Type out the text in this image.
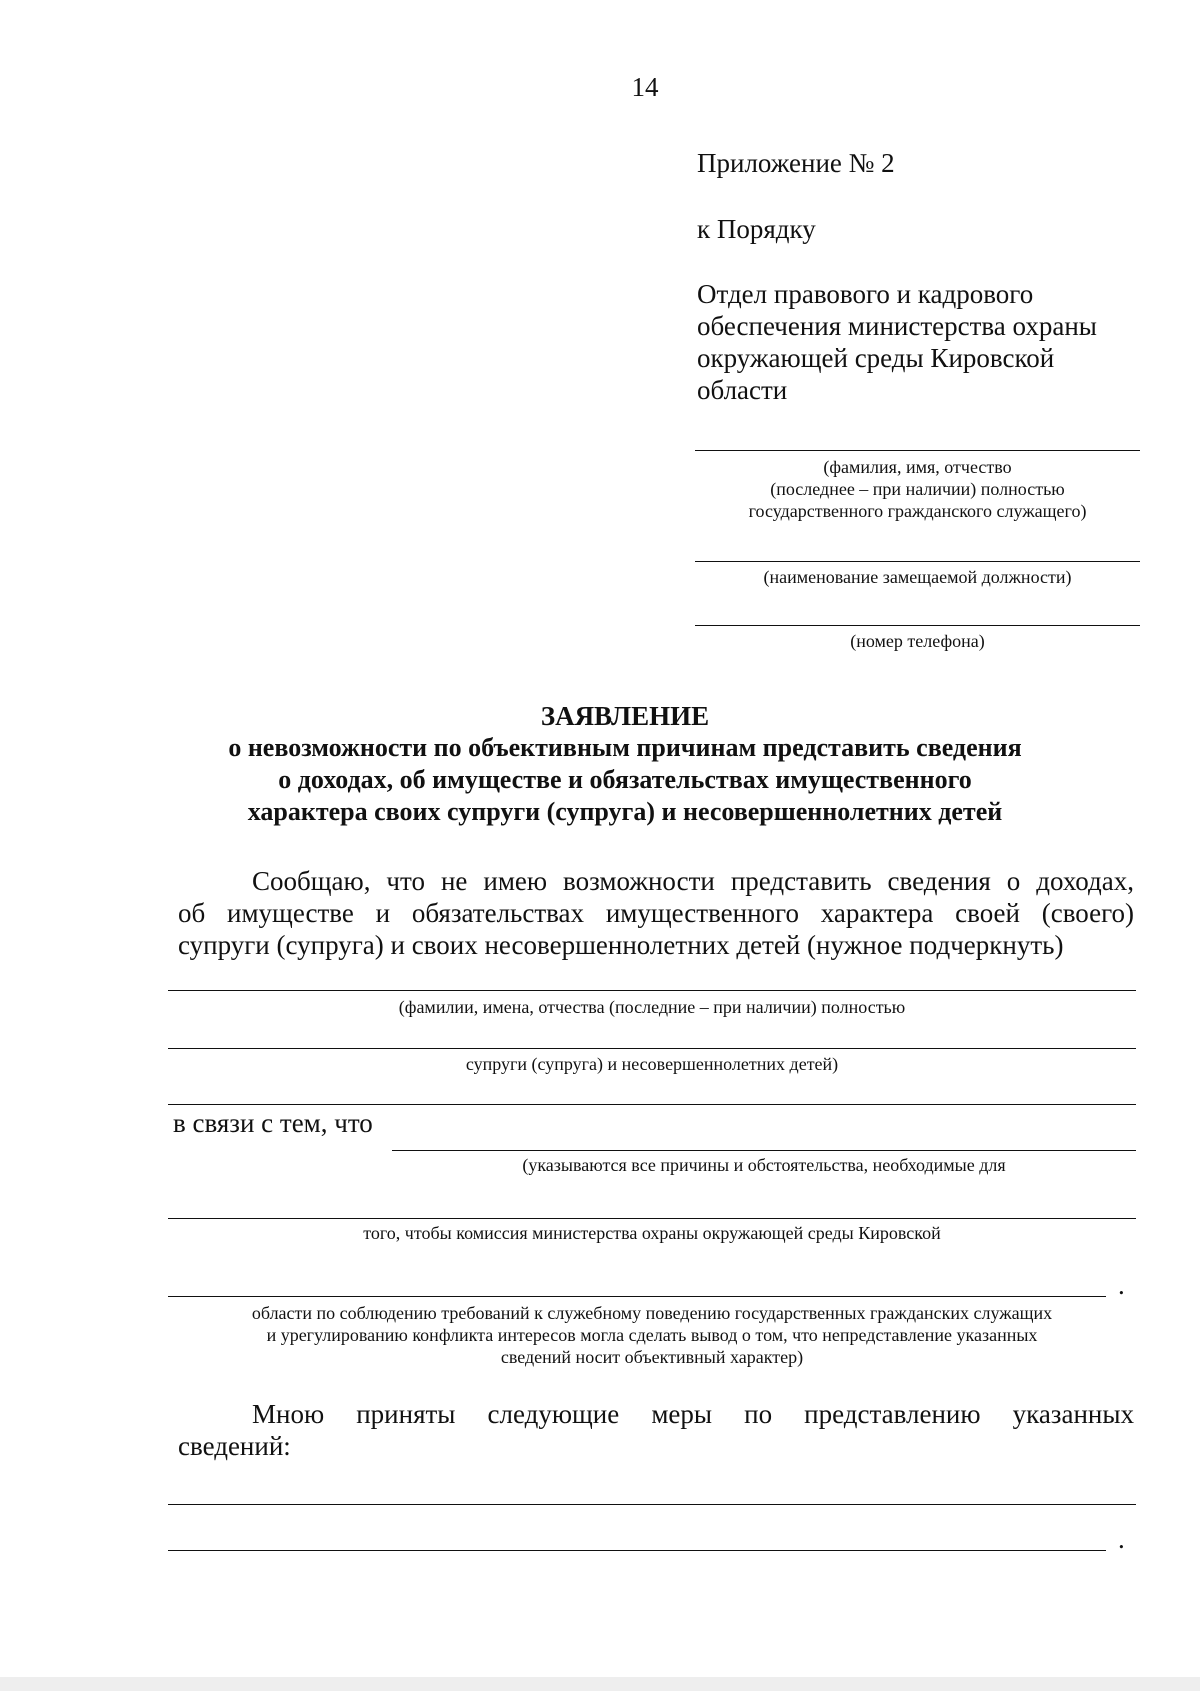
14
Приложение № 2
к Порядку
Отдел правового и кадрового
обеспечения министерства охраны
окружающей среды Кировской
области
(фамилия, имя, отчество
(последнее – при наличии) полностью
государственного гражданского служащего)
(наименование замещаемой должности)
(номер телефона)
ЗАЯВЛЕНИЕ
о невозможности по объективным причинам представить сведения
о доходах, об имуществе и обязательствах имущественного
характера своих супруги (супруга) и несовершеннолетних детей
Сообщаю, что не имею возможности представить сведения о доходах,
об имуществе и обязательствах имущественного характера своей (своего)
супруги (супруга) и своих несовершеннолетних детей (нужное подчеркнуть)
(фамилии, имена, отчества (последние – при наличии) полностью
супруги (супруга) и несовершеннолетних детей)
в связи с тем, что
(указываются все причины и обстоятельства, необходимые для
того, чтобы комиссия министерства охраны окружающей среды Кировской
.
области по соблюдению требований к служебному поведению государственных гражданских служащих
и урегулированию конфликта интересов могла сделать вывод о том, что непредставление указанных
сведений носит объективный характер)
Мною приняты следующие меры по представлению указанных
сведений:
.
